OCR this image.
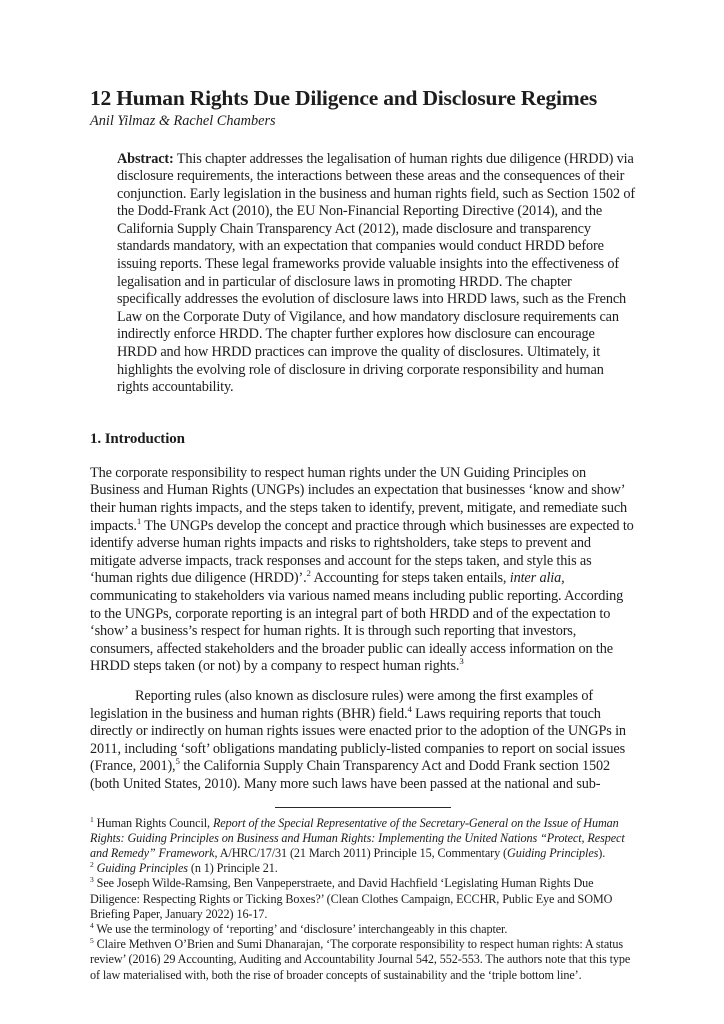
12 Human Rights Due Diligence and Disclosure Regimes
Anil Yilmaz & Rachel Chambers
Abstract: This chapter addresses the legalisation of human rights due diligence (HRDD) via disclosure requirements, the interactions between these areas and the consequences of their conjunction. Early legislation in the business and human rights field, such as Section 1502 of the Dodd-Frank Act (2010), the EU Non-Financial Reporting Directive (2014), and the California Supply Chain Transparency Act (2012), made disclosure and transparency standards mandatory, with an expectation that companies would conduct HRDD before issuing reports. These legal frameworks provide valuable insights into the effectiveness of legalisation and in particular of disclosure laws in promoting HRDD. The chapter specifically addresses the evolution of disclosure laws into HRDD laws, such as the French Law on the Corporate Duty of Vigilance, and how mandatory disclosure requirements can indirectly enforce HRDD. The chapter further explores how disclosure can encourage HRDD and how HRDD practices can improve the quality of disclosures. Ultimately, it highlights the evolving role of disclosure in driving corporate responsibility and human rights accountability.
1. Introduction
The corporate responsibility to respect human rights under the UN Guiding Principles on Business and Human Rights (UNGPs) includes an expectation that businesses ‘know and show’ their human rights impacts, and the steps taken to identify, prevent, mitigate, and remediate such impacts.$^1$ The UNGPs develop the concept and practice through which businesses are expected to identify adverse human rights impacts and risks to rightsholders, take steps to prevent and mitigate adverse impacts, track responses and account for the steps taken, and style this as ‘human rights due diligence (HRDD)’.$^2$ Accounting for steps taken entails, inter alia, communicating to stakeholders via various named means including public reporting. According to the UNGPs, corporate reporting is an integral part of both HRDD and of the expectation to ‘show’ a business’s respect for human rights. It is through such reporting that investors, consumers, affected stakeholders and the broader public can ideally access information on the HRDD steps taken (or not) by a company to respect human rights.$^3$
Reporting rules (also known as disclosure rules) were among the first examples of legislation in the business and human rights (BHR) field.$^4$ Laws requiring reports that touch directly or indirectly on human rights issues were enacted prior to the adoption of the UNGPs in 2011, including ‘soft’ obligations mandating publicly-listed companies to report on social issues (France, 2001),$^5$ the California Supply Chain Transparency Act and Dodd Frank section 1502 (both United States, 2010). Many more such laws have been passed at the national and sub-

$^1$ Human Rights Council, Report of the Special Representative of the Secretary-General on the Issue of Human Rights: Guiding Principles on Business and Human Rights: Implementing the United Nations “Protect, Respect and Remedy” Framework, A/HRC/17/31 (21 March 2011) Principle 15, Commentary (Guiding Principles).

$^2$ Guiding Principles (n 1) Principle 21.

$^3$ See Joseph Wilde-Ramsing, Ben Vanpeperstraete, and David Hachfield ‘Legislating Human Rights Due Diligence: Respecting Rights or Ticking Boxes?’ (Clean Clothes Campaign, ECCHR, Public Eye and SOMO Briefing Paper, January 2022) 16-17.

$^4$ We use the terminology of ‘reporting’ and ‘disclosure’ interchangeably in this chapter.

$^5$ Claire Methven O’Brien and Sumi Dhanarajan, ‘The corporate responsibility to respect human rights: A status review’ (2016) 29 Accounting, Auditing and Accountability Journal 542, 552-553. The authors note that this type of law materialised with, both the rise of broader concepts of sustainability and the ‘triple bottom line’.
